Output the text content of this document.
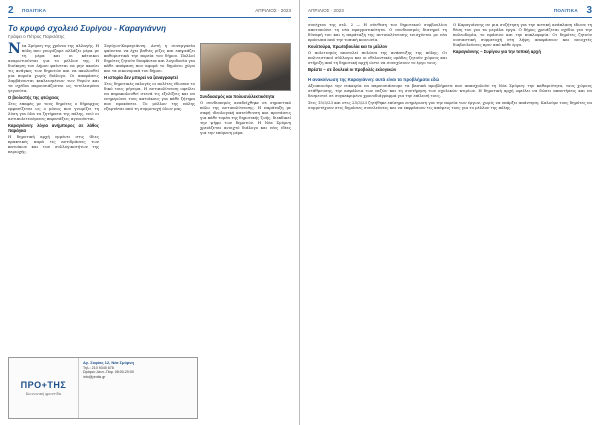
2	ΠΟΛΙΤΙΚΑ	ΑΠΡΙΛΙΟΣ · 2023
Το κρυφό σχολειό Συρίγου - Καραγιάννη
Γράφει ο Πέτρος Παρισάτης

Νέα Σμύρνη της χρόνια της αλλαγής. Η πόλη που γνωρίζαμε αλλάζει μέρα με τη μέρα και οι κάτοικοι αναρωτιούνται για το μέλλον της. Η διοίκηση του Δήμου φαίνεται να μην ακούει τις ανάγκες των δημοτών και να ακολουθεί μια πορεία χωρίς διάλογο. Οι αποφάσεις λαμβάνονται κεκλεισμένων των θυρών και τα σχέδια παρουσιάζονται ως τετελεσμένα γεγονότα.

Ο βιολιστής της φτώχειας

Στις επαφές με τους δημότες ο δήμαρχος εμφανίζεται ως ο μόνος που γνωρίζει τη λύση για όλα τα ζητήματα της πόλης, ενώ οι αντιπολιτευόμενες παρατάξεις αγνοούνται.

Καραγιάννη: λόγια ανήμπορος σε λάθος παράγκα

Η δημοτική αρχή εμμένει στις ίδιες πρακτικές παρά τις αντιδράσεις των κατοίκων και των συλλογικοτήτων της περιοχής.

Συρίγου-Καραγιάννη. Αυτή η συνεργασία φαίνεται να έχει βαθιές ρίζες και επηρεάζει καθοριστικά την πορεία του δήμου. Πολλοί δημότες ζητούν διαφάνεια και λογοδοσία για κάθε απόφαση που αφορά το δημόσιο χώρο και τα οικονομικά του δήμου.

Η ιστορία δεν μπορεί να ξαναγραφτεί

Στις δημοτικές εκλογές οι πολίτες έδωσαν το δικό τους μήνυμα. Η αντιπολίτευση οφείλει να παρακολουθεί στενά τις εξελίξεις και να ενημερώνει τους κατοίκους για κάθε ζήτημα που προκύπτει. Το μέλλον της πόλης εξαρτάται από τη συμμετοχή όλων μας.

Συνδυασμός και πολυσυλλεκτικότητα

Ο συνδυασμός αναδείχθηκε σε σημαντικό πόλο της αντιπολίτευσης. Η παράταξη με σαφή ιδεολογική κατεύθυνση και προτάσεις για κάθε τομέα της δημοτικής ζωής, διεκδικεί την ψήφο των δημοτών. Η Νέα Σμύρνη χρειάζεται ανοιχτό διάλογο και νέες ιδέες για την επόμενη μέρα.

ΠΡΟ+ΤΗΣ
Κοινωνική φροντίδα
Αγ. Σοφίας 12, Νέα Σμύρνη
Τηλ.: 210 9345 678
Ωράριο: Δευτ.-Παρ. 08:00-20:00
info@protis.gr
ΑΠΡΙΛΙΟΣ · 2023	ΠΟΛΙΤΙΚΑ 3

συνέχεια της σελ. 2 — Η σύνθεση του δημοτικού συμβουλίου αποτυπώνει τη νέα πραγματικότητα. Ο συνδυασμός διατηρεί τη δύναμή του και η παράταξη της αντιπολίτευσης ενισχύεται με νέα πρόσωπα από την τοπική κοινωνία.

Κουλτούρα, πρωτοβουλία και το μέλλον

Ο πολιτισμός αποτελεί πυλώνα της ανάπτυξης της πόλης. Οι πολιτιστικοί σύλλογοι και οι εθελοντικές ομάδες ζητούν χώρους και στήριξη από τη δημοτική αρχή ώστε να συνεχίσουν το έργο τους.

Βρέστε – σε δουλειά οι προβολές εκλογικών

Ο Καραγιάννης σε μια συζήτηση για την αστική ανάπλαση έδωσε τη θέση του για τα μεγάλα έργα. Ο δήμος χρειάζεται σχέδιο για την πολεοδομία, το πράσινο και την κυκλοφορία. Οι δημότες ζητούν ουσιαστική συμμετοχή στη λήψη αποφάσεων και ανοιχτές διαβουλεύσεις πριν από κάθε έργο.

Καραγιάννης – Συρίγου για την τοπική αρχή
Η ανακοίνωση της Καραγιάννη: αυτά είναι τα προβλήματα εδώ

Αξιοποιούμε την ευκαιρία να παρουσιάσουμε τα βασικά προβλήματα που απασχολούν τη Νέα Σμύρνη: την καθαριότητα, τους χώρους στάθμευσης, την ασφάλεια των πεζών και τη συντήρηση των σχολικών κτιρίων. Η δημοτική αρχή οφείλει να δώσει απαντήσεις και να δεσμευτεί σε συγκεκριμένο χρονοδιάγραμμα για την επίλυσή τους.

Στις 15/3/23 και στις 25/3/23 ζητήθηκε επίσημα ενημέρωση για την πορεία των έργων, χωρίς να υπάρξει απάντηση. Καλούμε τους δημότες να συμμετέχουν στις δημόσιες συνελεύσεις και να εκφράσουν τις απόψεις τους για το μέλλον της πόλης.
